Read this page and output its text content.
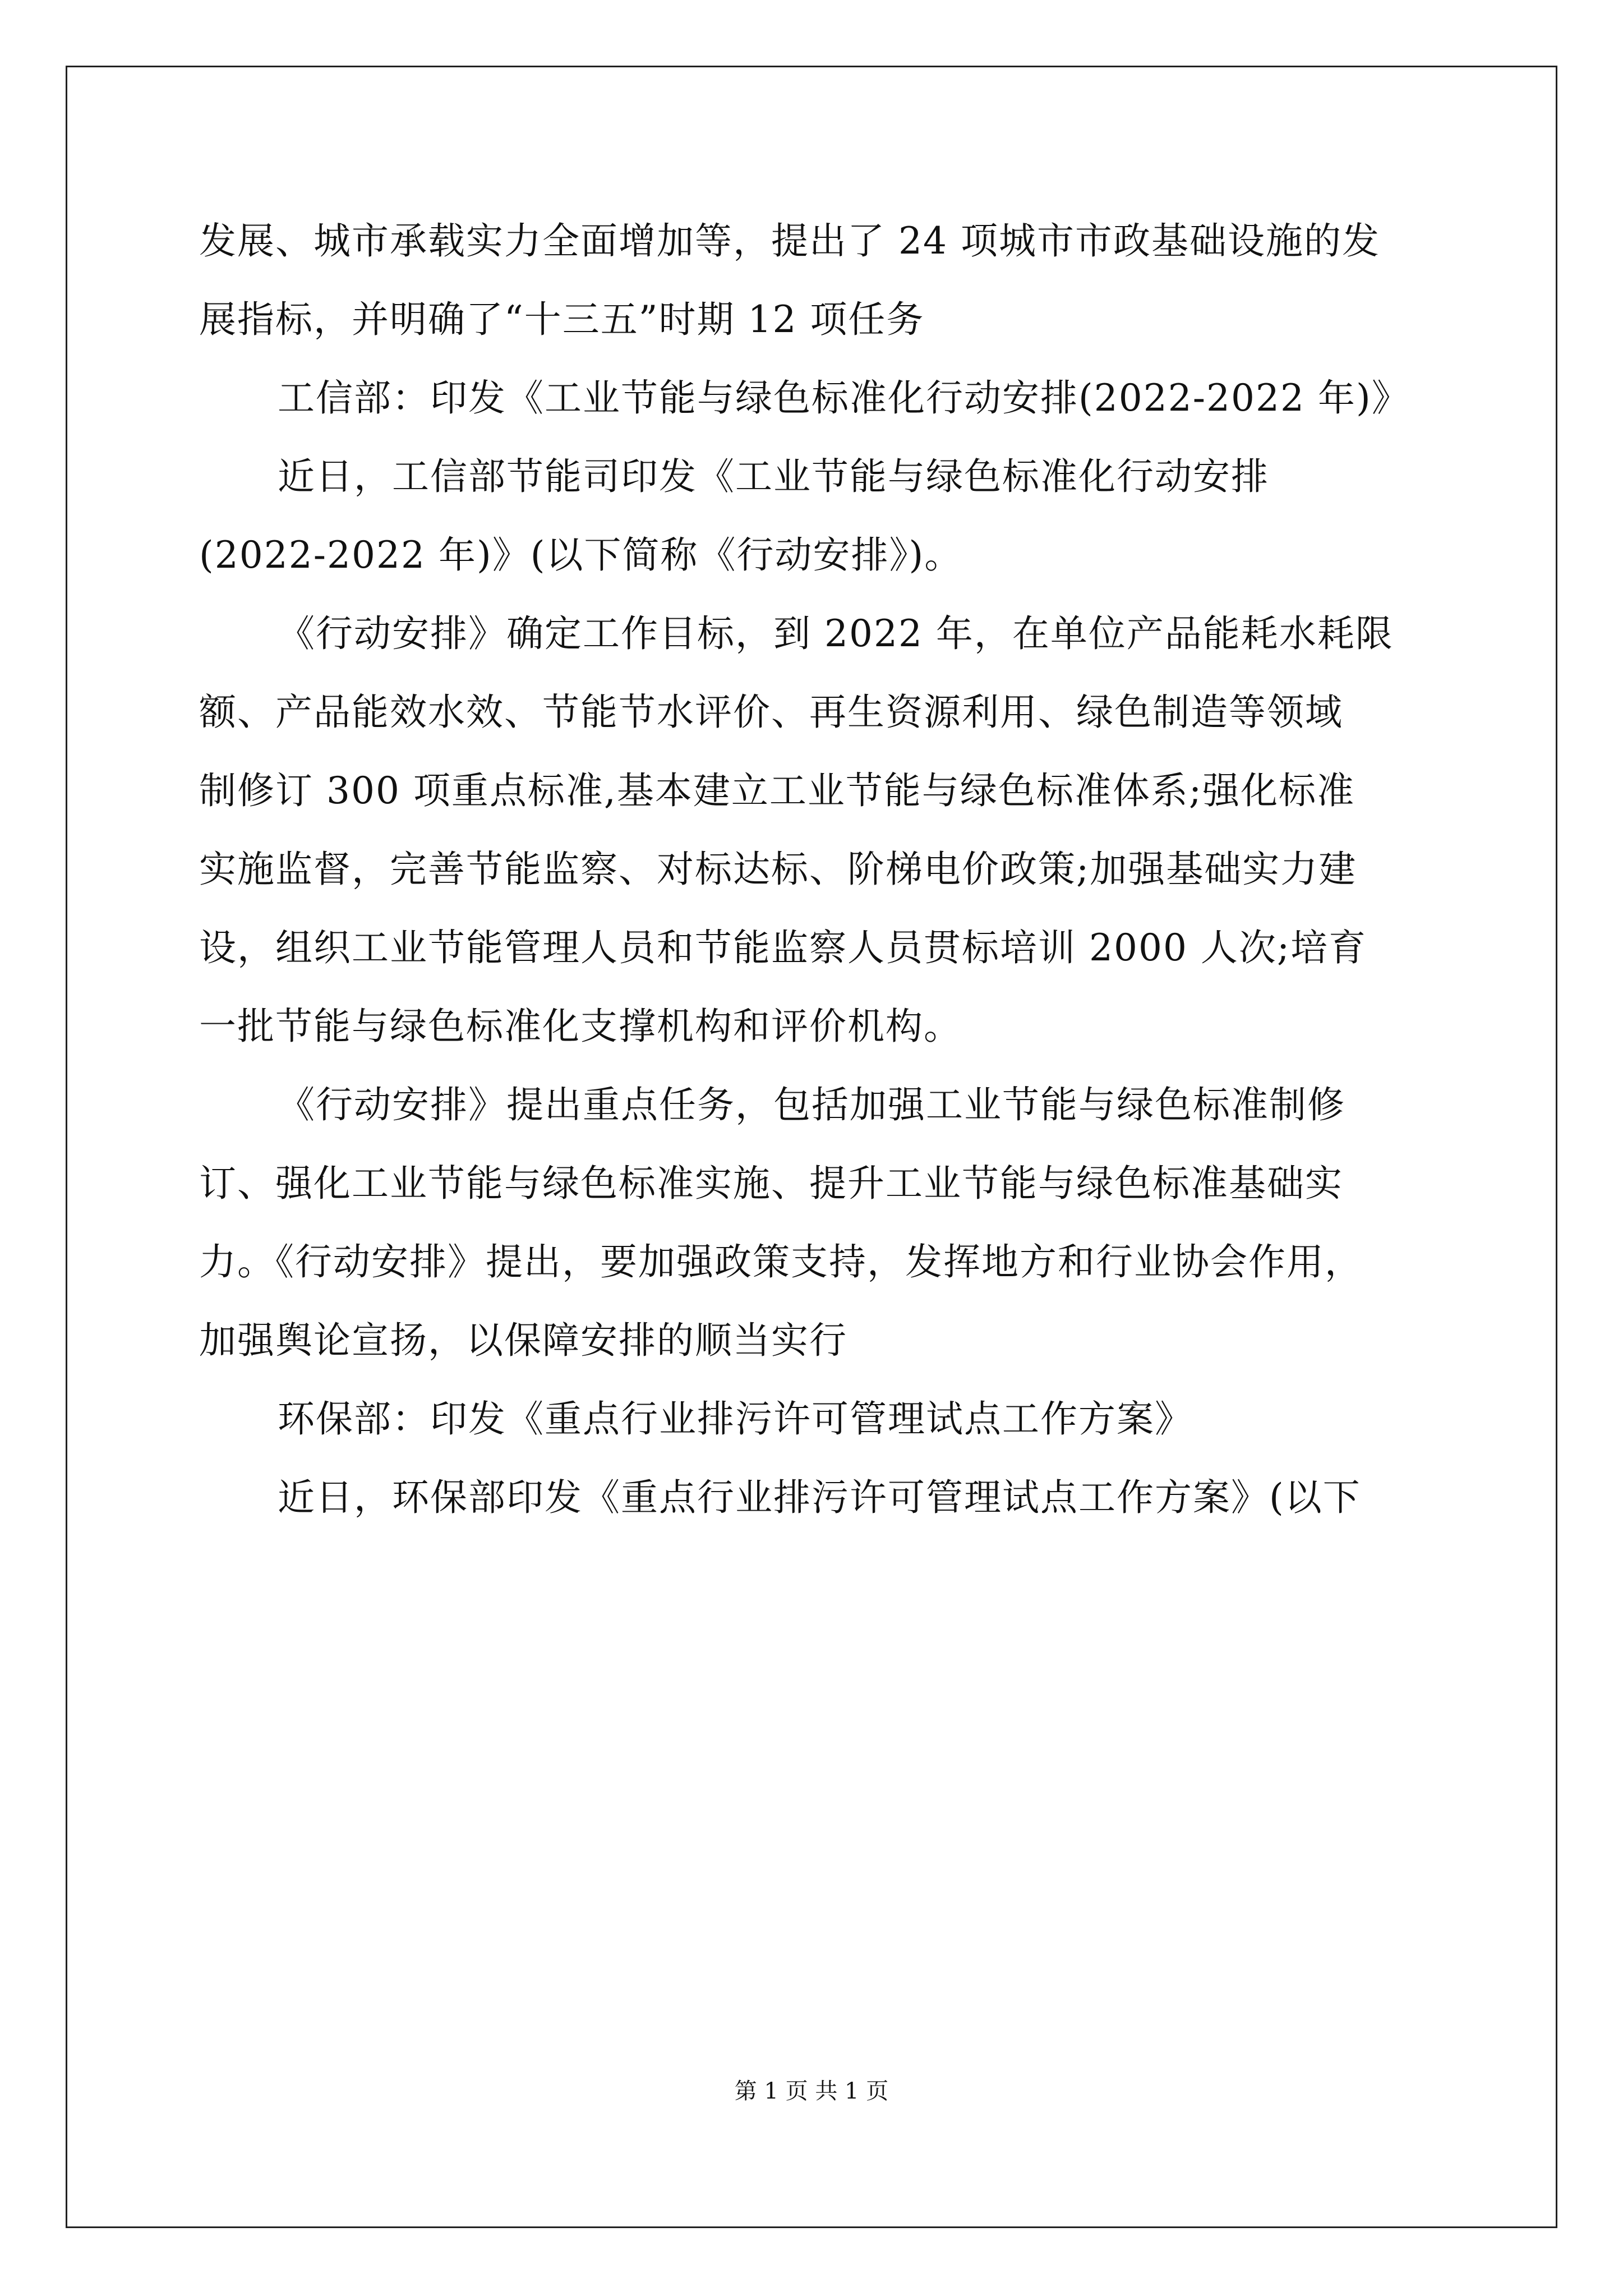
发展、城市承载实力全面增加等，提出了 24 项城市市政基础设施的发
展指标，并明确了“十三五”时期 12 项任务
工信部：印发《工业节能与绿色标准化行动安排(2022-2022 年)》
近日，工信部节能司印发《工业节能与绿色标准化行动安排
(2022-2022 年)》(以下简称《行动安排》)。
《行动安排》确定工作目标，到 2022 年，在单位产品能耗水耗限
额、产品能效水效、节能节水评价、再生资源利用、绿色制造等领域
制修订 300 项重点标准,基本建立工业节能与绿色标准体系;强化标准
实施监督，完善节能监察、对标达标、阶梯电价政策;加强基础实力建
设，组织工业节能管理人员和节能监察人员贯标培训 2000 人次;培育
一批节能与绿色标准化支撑机构和评价机构。
《行动安排》提出重点任务，包括加强工业节能与绿色标准制修
订、强化工业节能与绿色标准实施、提升工业节能与绿色标准基础实
力。《行动安排》提出，要加强政策支持，发挥地方和行业协会作用，
加强舆论宣扬，以保障安排的顺当实行
环保部：印发《重点行业排污许可管理试点工作方案》
近日，环保部印发《重点行业排污许可管理试点工作方案》(以下
第 1 页 共 1 页
